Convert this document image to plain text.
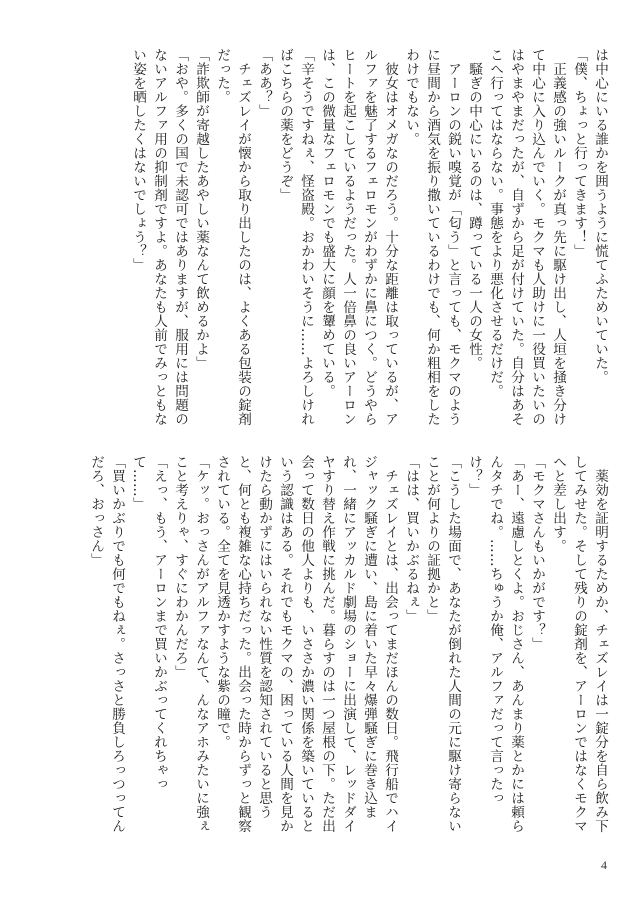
は中心にいる誰かを囲うように慌てふためいていた。

「僕、ちょっと行ってきます！」

　正義感の強いルークが真っ先に駆け出し、人垣を掻き分けて中心に入り込んでいく。モクマも人助けに一役買いたいのはやまやまだったが、自ずから足が付けていた。自分はあそこへ行ってはならない。事態をより悪化させるだけだ。

　騒ぎの中心にいるのは、蹲っている一人の女性。

　アーロンの鋭い嗅覚が「匂う」と言っても、モクマのように昼間から酒気を振り撒いているわけでも、何か粗相をしたわけでもない。

　彼女はオメガなのだろう。十分な距離は取っているが、アルファを魅了するフェロモンがわずかに鼻につく。どうやらヒートを起こしているようだった。人一倍鼻の良いアーロンは、この微量なフェロモンでも盛大に顔を顰めている。

「辛そうですねぇ、怪盗殿。おかわいそうに……よろしければこちらの薬をどうぞ」

「ああ？」

　チェズレイが懐から取り出したのは、よくある包装の錠剤だった。

「詐欺師が寄越したあやしい薬なんて飲めるかよ」

「おや。多くの国で未認可ではありますが、服用には問題のないアルファ用の抑制剤ですよ。あなたも人前でみっともない姿を晒したくはないでしょう？」

　薬効を証明するためか、チェズレイは一錠分を自ら飲み下してみせた。そして残りの錠剤を、アーロンではなくモクマへと差し出す。

「モクマさんもいかがです？」

「あー、遠慮しとくよ。おじさん、あんまり薬とかには頼らんタチでね。……ちゅうか俺、アルファだって言ったっけ？」

「こうした場面で、あなたが倒れた人間の元に駆け寄らないことが何よりの証拠かと」

「はは、買いかぶるねぇ」

　チェズレイとは、出会ってまだほんの数日。飛行船でハイジャック騒ぎに遭い、島に着いた早々爆弾騒ぎに巻き込まれ、一緒にアッカルド劇場のショーに出演して、レッドダイヤすり替え作戦に挑んだ。暮らすのは一つ屋根の下。ただ出会って数日の他人よりも、いささか濃い関係を築いているという認識はある。それでもモクマの、困っている人間を見かけたら動かずにはいられない性質を認知されていると思うと、何とも複雑な心持ちだった。出会った時からずっと観察されている。全てを見透かすような紫の瞳で。

「ケッ。おっさんがアルファなんて、んなアホみたいに強ぇこと考えりゃ、すぐにわかんだろ」

「えっ、もう、アーロンまで買いかぶってくれちゃって……」

「買いかぶりでも何でもねぇ。さっさと勝負しろっつってんだろ、おっさん」

4
